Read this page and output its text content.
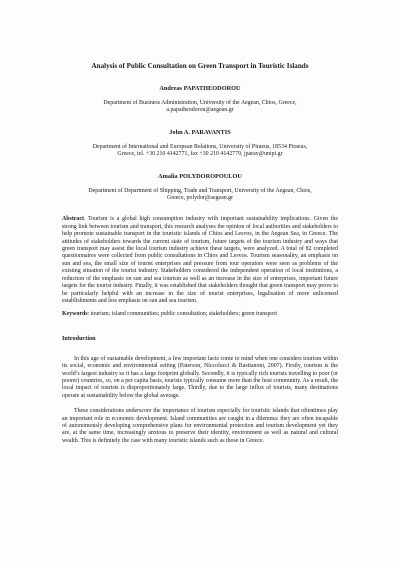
Analysis of Public Consultation on Green Transport in Touristic Islands
Andreas PAPATHEODOROU
Department of Business Administration, University of the Aegean, Chios, Greece,
a.papatheodorou@aegean.gr
John A. PARAVANTIS
Department of International and European Relations, University of Piraeus, 18534 Piraeus,
Greece, tel. +30 210 4142771, fax +30 210 4142779, jparav@unipi.gr
Amalia POLYDOROPOULOU
Department of Department of Shipping, Trade and Transport, University of the Aegean, Chios,
Greece, polydor@aegean.gr

Abstract. Tourism is a global high consumption industry with important sustainability implications. Given the strong link between tourism and transport, this research analyses the opinion of local authorities and stakeholders to help promote sustainable transport in the touristic islands of Chios and Lesvos, in the Aegean Sea, in Greece. The attitudes of stakeholders towards the current state of tourism, future targets of the tourism industry and ways that green transport may assist the local tourism industry achieve these targets, were analyzed. A total of 82 completed questionnaires were collected from public consultations in Chios and Lesvos. Tourism seasonality, an emphasis on sun and sea, the small size of tourist enterprises and pressure from tour operators were seen as problems of the existing situation of the tourist industry. Stakeholders considered the independent operation of local institutions, a reduction of the emphasis on sun and sea tourism as well as an increase in the size of enterprises, important future targets for the tourist industry. Finally, it was established that stakeholders thought that green transport may prove to be particularly helpful with an increase in the size of tourist enterprises, legalisation of more unlicensed establishments and less emphasis on sun and sea tourism.

Keywords: tourism; island communities; public consultation; stakeholders; green transport

Introduction

In this age of sustainable development, a few important facts come to mind when one considers tourism within its social, economic and environmental setting (Paterson, Niccolucci & Bastianoni, 2007). Firstly, tourism is the world’s largest industry so it has a large footprint globally. Secondly, it is typically rich tourists travelling to poor (or poorer) countries, so, on a per capita basis, tourists typically consume more than the host community. As a result, the local impact of tourists is disproportionately large. Thirdly, due to the large influx of tourists, many destinations operate at sustainability below the global average.

These considerations underscore the importance of tourism especially for touristic islands that oftentimes play an important role in economic development. Island communities are caught in a dilemma: they are often incapable of autonomously developing comprehensive plans for environmental protection and tourism development yet they are, at the same time, increasingly anxious to preserve their identity, environment as well as natural and cultural wealth. This is definitely the case with many touristic islands such as those in Greece.
